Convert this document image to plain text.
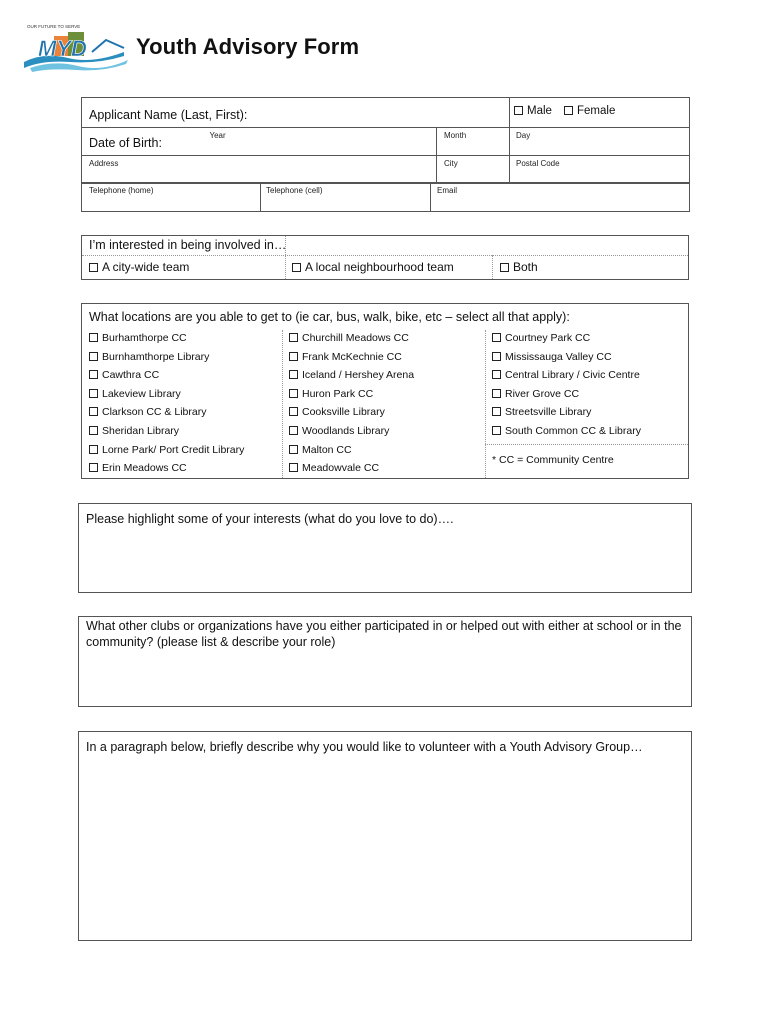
OUR FUTURE TO SERVE
MYD Youth Advisory Form
Applicant Name (Last, First):			Male Female

Date of Birth:	Year	Month	Day

Address		City	Postal Code
Telephone (home)	Telephone (cell)	Email
I’m interested in being involved in…
A city-wide team	A local neighbourhood team	Both
What locations are you able to get to (ie car, bus, walk, bike, etc – select all that apply):
Burhamthorpe CC
Burnhamthorpe Library
Cawthra CC
Lakeview Library
Clarkson CC & Library
Sheridan Library
Lorne Park/ Port Credit Library
Erin Meadows CC
Churchill Meadows CC
Frank McKechnie CC
Iceland / Hershey Arena
Huron Park CC
Cooksville Library
Woodlands Library
Malton CC
Meadowvale CC
Courtney Park CC
Mississauga Valley CC
Central Library / Civic Centre
River Grove CC
Streetsville Library
South Common CC & Library
* CC = Community Centre
Please highlight some of your interests (what do you love to do)….
What other clubs or organizations have you either participated in or helped out with either at school or in the community? (please list & describe your role)
In a paragraph below, briefly describe why you would like to volunteer with a Youth Advisory Group…
